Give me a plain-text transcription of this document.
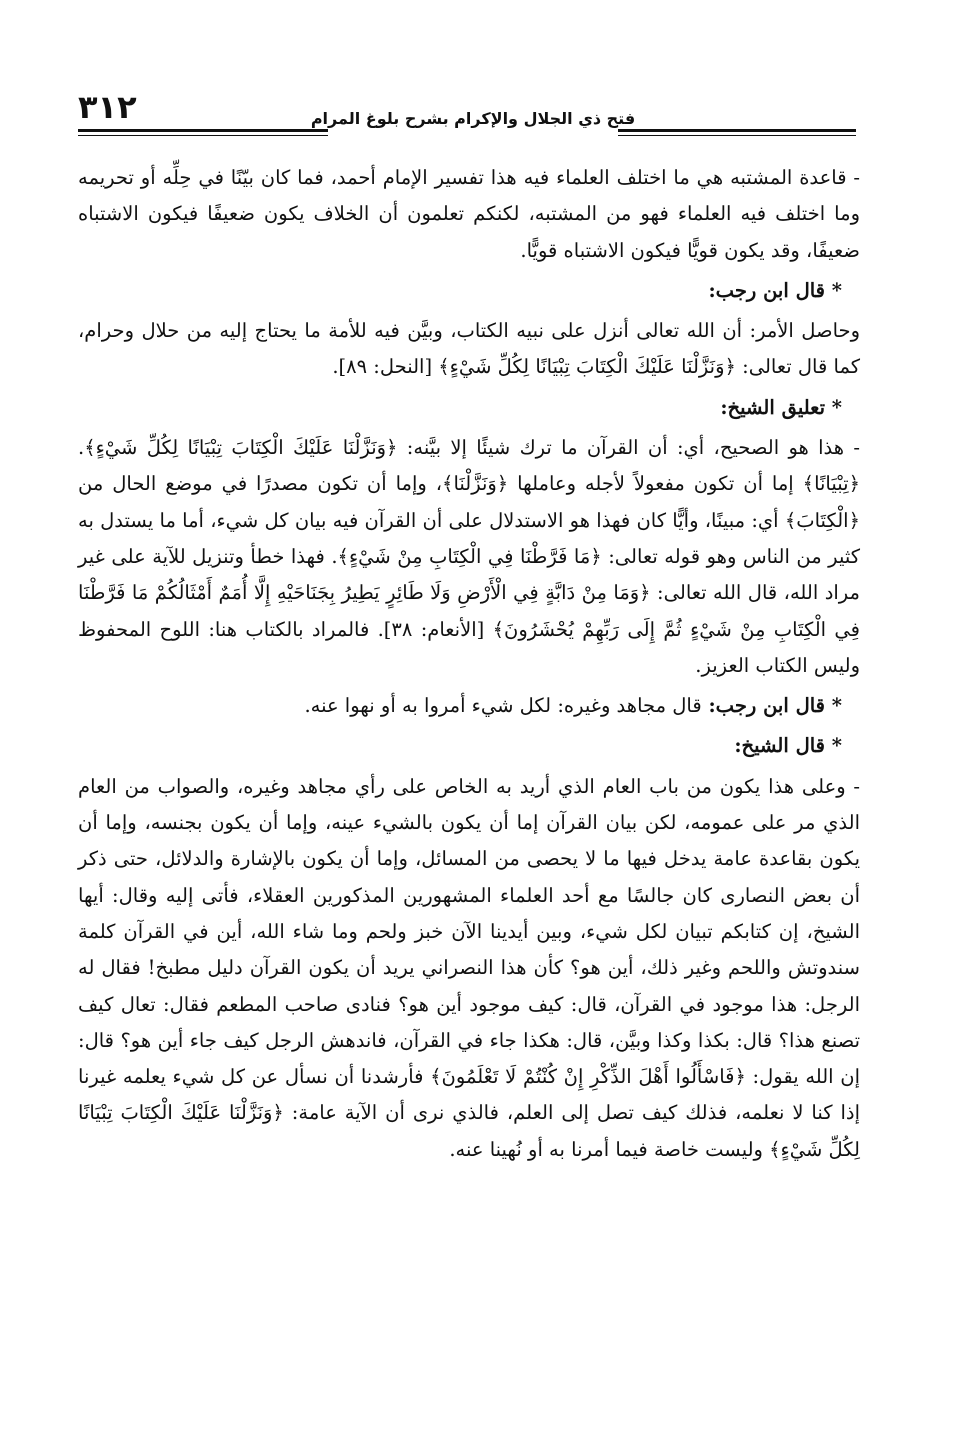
٣١٢	فتح ذي الجلال والإكرام بشرح بلوغ المرام

- قاعدة المشتبه هي ما اختلف العلماء فيه هذا تفسير الإمام أحمد، فما كان بيّنًا في حِلِّه أو تحريمه وما اختلف فيه العلماء فهو من المشتبه، لكنكم تعلمون أن الخلاف يكون ضعيفًا فيكون الاشتباه ضعيفًا، وقد يكون قويًّا فيكون الاشتباه قويًّا.

* قال ابن رجب:

وحاصل الأمر: أن الله تعالى أنزل على نبيه الكتاب، وبيَّن فيه للأمة ما يحتاج إليه من حلال وحرام، كما قال تعالى: ﴿وَنَزَّلْنَا عَلَيْكَ الْكِتَابَ تِبْيَانًا لِكُلِّ شَيْءٍ﴾ [النحل: ٨٩].

* تعليق الشيخ:

- هذا هو الصحيح، أي: أن القرآن ما ترك شيئًا إلا بيَّنه: ﴿وَنَزَّلْنَا عَلَيْكَ الْكِتَابَ تِبْيَانًا لِكُلِّ شَيْءٍ﴾. ﴿تِبْيَانًا﴾ إما أن تكون مفعولاً لأجله وعاملها ﴿وَنَزَّلْنَا﴾، وإما أن تكون مصدرًا في موضع الحال من ﴿الْكِتَابَ﴾ أي: مبينًا، وأيًّا كان فهذا هو الاستدلال على أن القرآن فيه بيان كل شيء، أما ما يستدل به كثير من الناس وهو قوله تعالى: ﴿مَا فَرَّطْنَا فِي الْكِتَابِ مِنْ شَيْءٍ﴾. فهذا خطأ وتنزيل للآية على غير مراد الله، قال الله تعالى: ﴿وَمَا مِنْ دَابَّةٍ فِي الْأَرْضِ وَلَا طَائِرٍ يَطِيرُ بِجَنَاحَيْهِ إِلَّا أُمَمٌ أَمْثَالُكُمْ مَا فَرَّطْنَا فِي الْكِتَابِ مِنْ شَيْءٍ ثُمَّ إِلَى رَبِّهِمْ يُحْشَرُونَ﴾ [الأنعام: ٣٨]. فالمراد بالكتاب هنا: اللوح المحفوظ وليس الكتاب العزيز.

* قال ابن رجب: قال مجاهد وغيره: لكل شيء أمروا به أو نهوا عنه.

* قال الشيخ:

- وعلى هذا يكون من باب العام الذي أريد به الخاص على رأي مجاهد وغيره، والصواب من العام الذي مر على عمومه، لكن بيان القرآن إما أن يكون بالشيء عينه، وإما أن يكون بجنسه، وإما أن يكون بقاعدة عامة يدخل فيها ما لا يحصى من المسائل، وإما أن يكون بالإشارة والدلائل، حتى ذكر أن بعض النصارى كان جالسًا مع أحد العلماء المشهورين المذكورين العقلاء، فأتى إليه وقال: أيها الشيخ، إن كتابكم تبيان لكل شيء، وبين أيدينا الآن خبز ولحم وما شاء الله، أين في القرآن كلمة سندوتش واللحم وغير ذلك، أين هو؟ كأن هذا النصراني يريد أن يكون القرآن دليل مطبخ! فقال له الرجل: هذا موجود في القرآن، قال: كيف موجود أين هو؟ فنادى صاحب المطعم فقال: تعال كيف تصنع هذا؟ قال: بكذا وكذا وبيَّن، قال: هكذا جاء في القرآن، فاندهش الرجل كيف جاء أين هو؟ قال: إن الله يقول: ﴿فَاسْأَلُوا أَهْلَ الذِّكْرِ إِنْ كُنْتُمْ لَا تَعْلَمُونَ﴾ فأرشدنا أن نسأل عن كل شيء يعلمه غيرنا إذا كنا لا نعلمه، فذلك كيف تصل إلى العلم، فالذي نرى أن الآية عامة: ﴿وَنَزَّلْنَا عَلَيْكَ الْكِتَابَ تِبْيَانًا لِكُلِّ شَيْءٍ﴾ وليست خاصة فيما أمرنا به أو نُهينا عنه.
